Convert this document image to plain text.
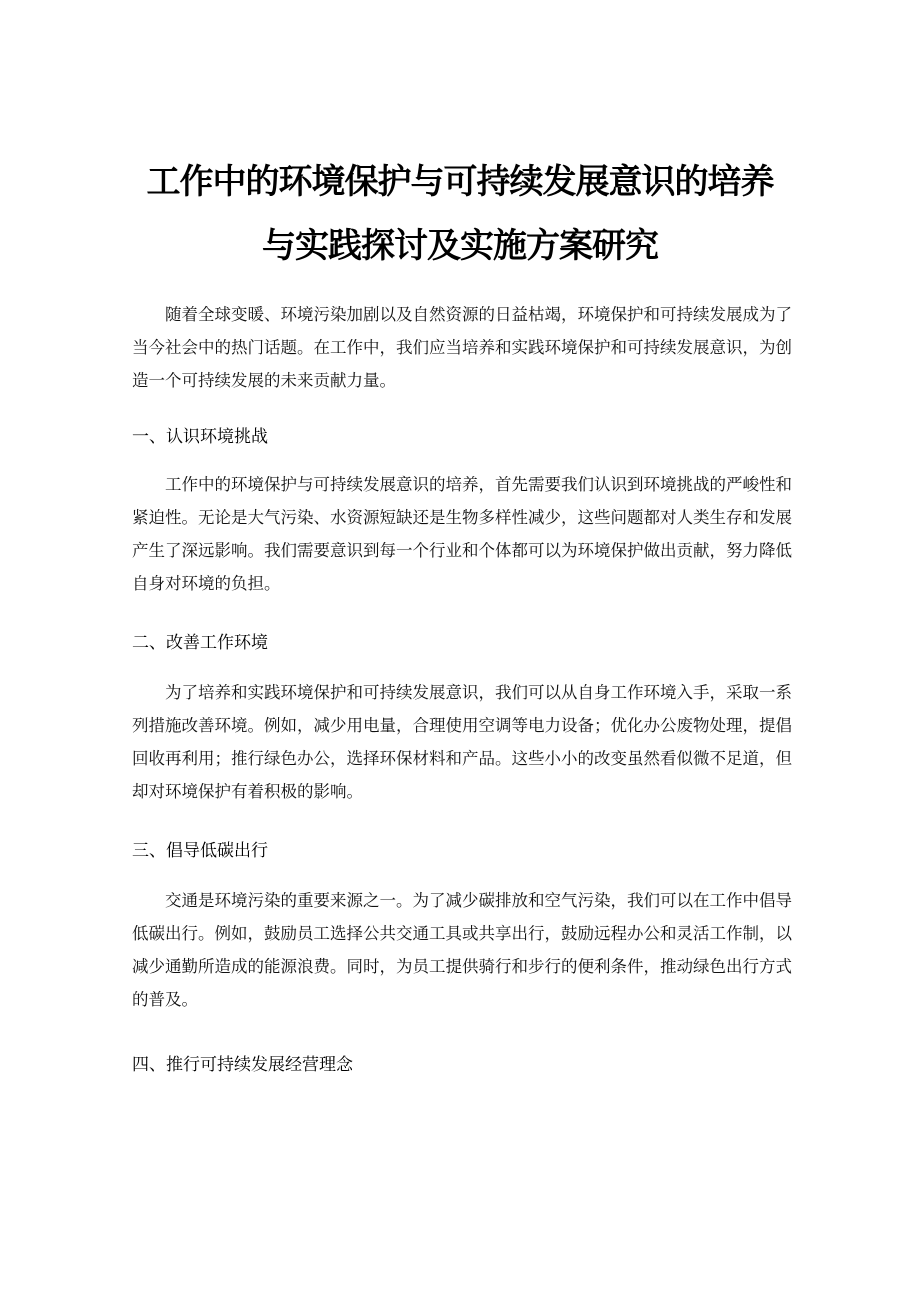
工作中的环境保护与可持续发展意识的培养
与实践探讨及实施方案研究
随着全球变暖、环境污染加剧以及自然资源的日益枯竭，环境保护和可持续发展成为了当今社会中的热门话题。在工作中，我们应当培养和实践环境保护和可持续发展意识，为创造一个可持续发展的未来贡献力量。
一、认识环境挑战
工作中的环境保护与可持续发展意识的培养，首先需要我们认识到环境挑战的严峻性和紧迫性。无论是大气污染、水资源短缺还是生物多样性减少，这些问题都对人类生存和发展产生了深远影响。我们需要意识到每一个行业和个体都可以为环境保护做出贡献，努力降低自身对环境的负担。
二、改善工作环境
为了培养和实践环境保护和可持续发展意识，我们可以从自身工作环境入手，采取一系列措施改善环境。例如，减少用电量，合理使用空调等电力设备；优化办公废物处理，提倡回收再利用；推行绿色办公，选择环保材料和产品。这些小小的改变虽然看似微不足道，但却对环境保护有着积极的影响。
三、倡导低碳出行
交通是环境污染的重要来源之一。为了减少碳排放和空气污染，我们可以在工作中倡导低碳出行。例如，鼓励员工选择公共交通工具或共享出行，鼓励远程办公和灵活工作制，以减少通勤所造成的能源浪费。同时，为员工提供骑行和步行的便利条件，推动绿色出行方式的普及。
四、推行可持续发展经营理念
